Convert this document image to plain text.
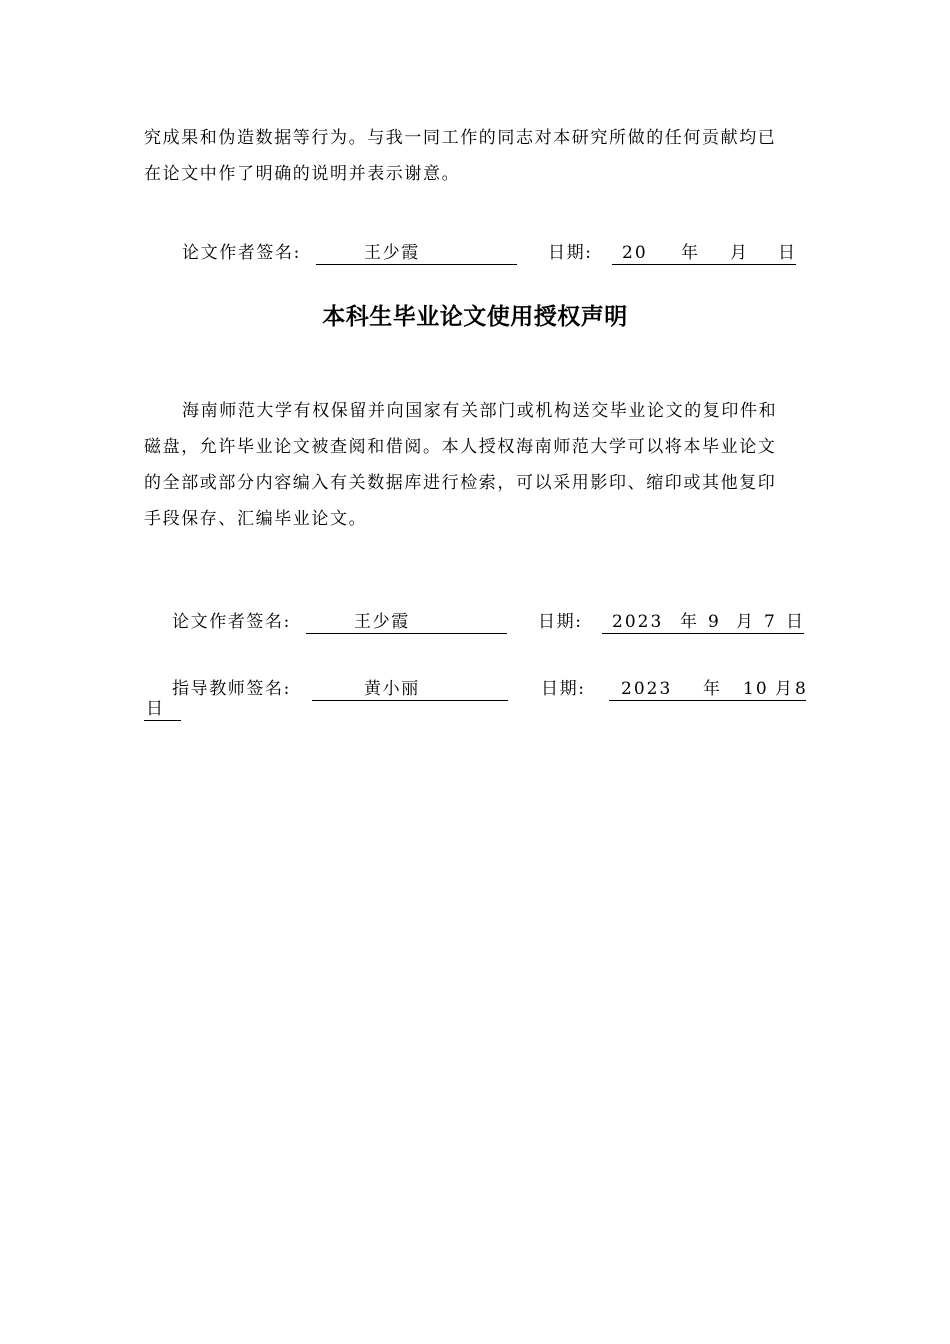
究成果和伪造数据等行为。与我一同工作的同志对本研究所做的任何贡献均已
在论文中作了明确的说明并表示谢意。
论文作者签名:	王少霞	日期: 20 年 月 日
本科生毕业论文使用授权声明
海南师范大学有权保留并向国家有关部门或机构送交毕业论文的复印件和
磁盘，允许毕业论文被查阅和借阅。本人授权海南师范大学可以将本毕业论文
的全部或部分内容编入有关数据库进行检索，可以采用影印、缩印或其他复印
手段保存、汇编毕业论文。
论文作者签名:	王少霞	日期: 2023 年 9 月 7 日
指导教师签名:	黄小丽	日期: 2023 年 10 月 8
日
